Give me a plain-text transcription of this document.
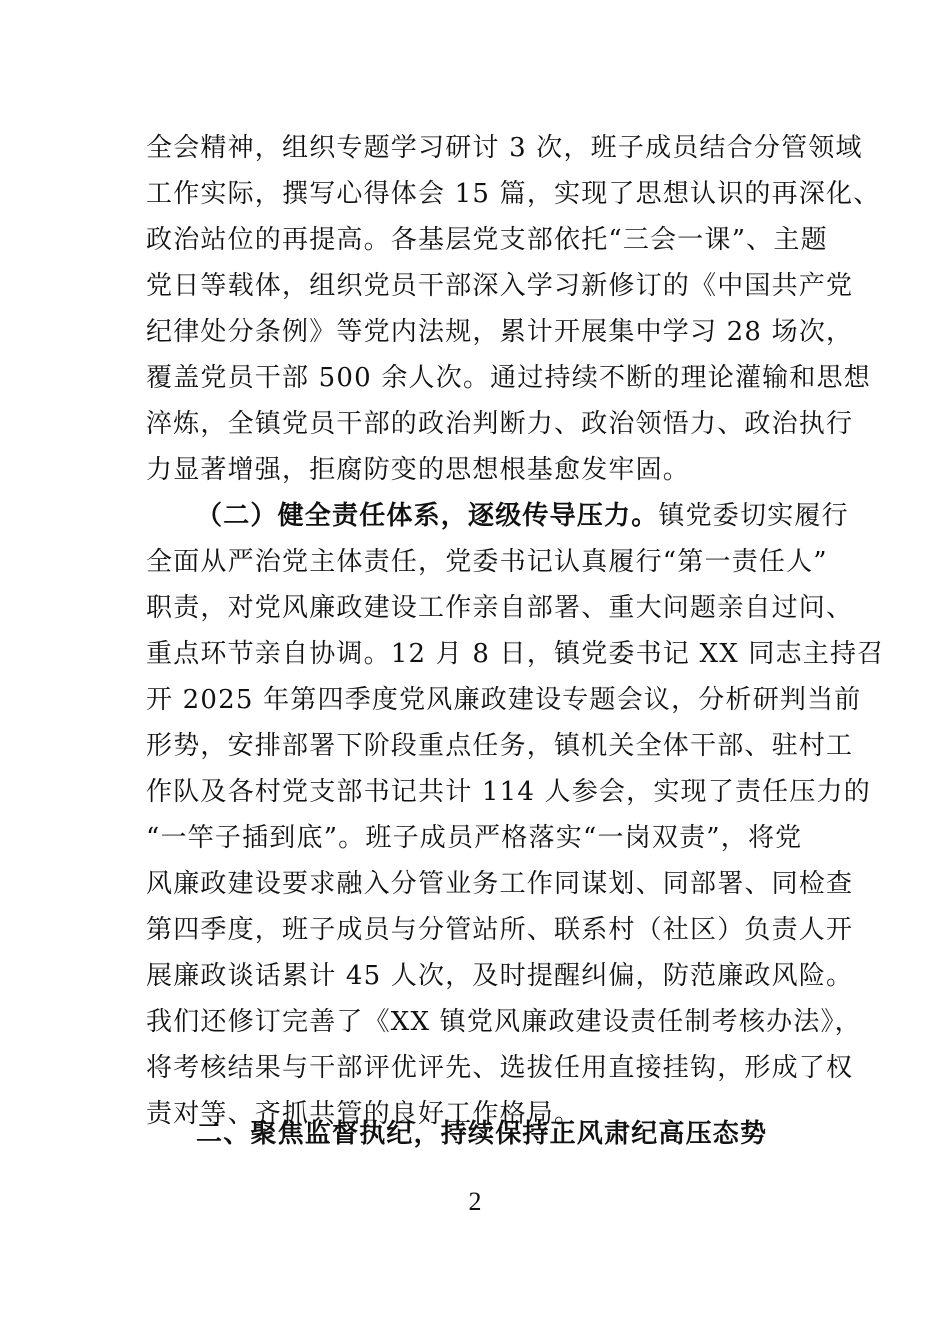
全会精神，组织专题学习研讨 3 次，班子成员结合分管领域
工作实际，撰写心得体会 15 篇，实现了思想认识的再深化、
政治站位的再提高。各基层党支部依托“三会一课”、主题
党日等载体，组织党员干部深入学习新修订的《中国共产党
纪律处分条例》等党内法规，累计开展集中学习 28 场次，
覆盖党员干部 500 余人次。通过持续不断的理论灌输和思想
淬炼，全镇党员干部的政治判断力、政治领悟力、政治执行
力显著增强，拒腐防变的思想根基愈发牢固。
（二）健全责任体系，逐级传导压力。镇党委切实履行
全面从严治党主体责任，党委书记认真履行“第一责任人”
职责，对党风廉政建设工作亲自部署、重大问题亲自过问、
重点环节亲自协调。12 月 8 日，镇党委书记 XX 同志主持召
开 2025 年第四季度党风廉政建设专题会议，分析研判当前
形势，安排部署下阶段重点任务，镇机关全体干部、驻村工
作队及各村党支部书记共计 114 人参会，实现了责任压力的
“一竿子插到底”。班子成员严格落实“一岗双责”，将党
风廉政建设要求融入分管业务工作同谋划、同部署、同检查
第四季度，班子成员与分管站所、联系村（社区）负责人开
展廉政谈话累计 45 人次，及时提醒纠偏，防范廉政风险。
我们还修订完善了《XX 镇党风廉政建设责任制考核办法》，
将考核结果与干部评优评先、选拔任用直接挂钩，形成了权
责对等、齐抓共管的良好工作格局。
二、聚焦监督执纪，持续保持正风肃纪高压态势
2
